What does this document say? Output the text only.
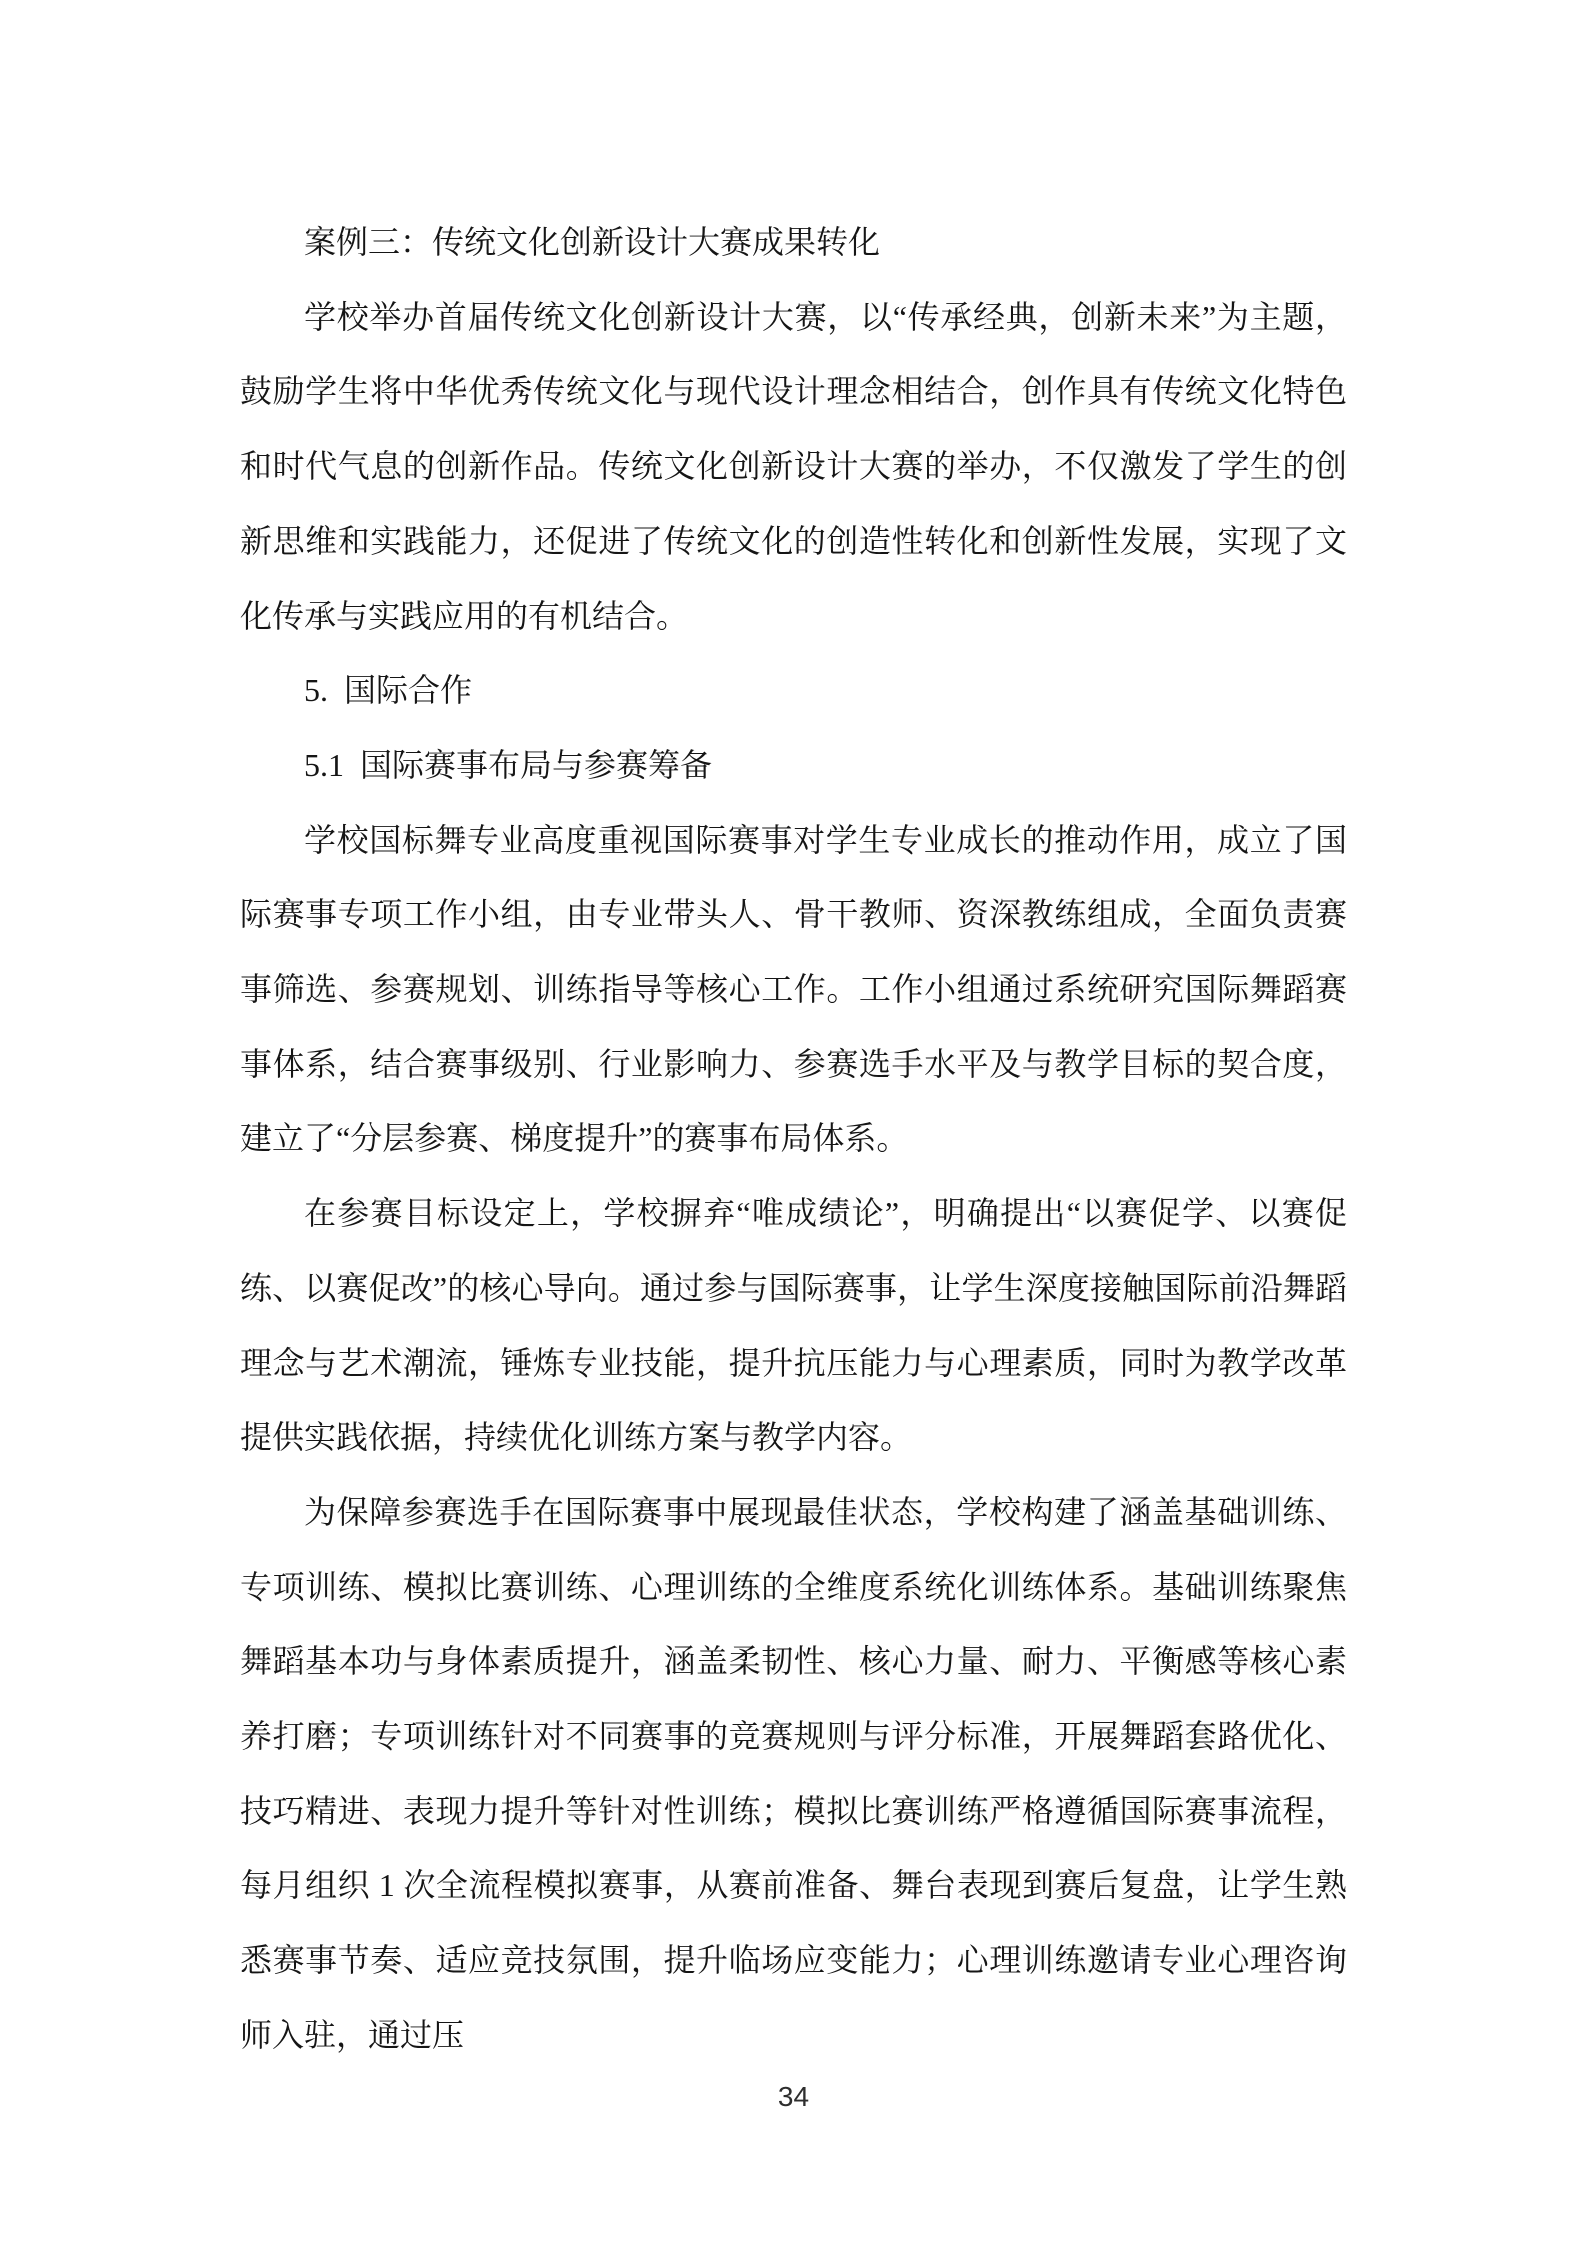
案例三：传统文化创新设计大赛成果转化

学校举办首届传统文化创新设计大赛，以“传承经典，创新未来”为主题，鼓励学生将中华优秀传统文化与现代设计理念相结合，创作具有传统文化特色和时代气息的创新作品。传统文化创新设计大赛的举办，不仅激发了学生的创新思维和实践能力，还促进了传统文化的创造性转化和创新性发展，实现了文化传承与实践应用的有机结合。

5. 国际合作

5.1 国际赛事布局与参赛筹备

学校国标舞专业高度重视国际赛事对学生专业成长的推动作用，成立了国际赛事专项工作小组，由专业带头人、骨干教师、资深教练组成，全面负责赛事筛选、参赛规划、训练指导等核心工作。工作小组通过系统研究国际舞蹈赛事体系，结合赛事级别、行业影响力、参赛选手水平及与教学目标的契合度，建立了“分层参赛、梯度提升”的赛事布局体系。

在参赛目标设定上，学校摒弃“唯成绩论”，明确提出“以赛促学、以赛促练、以赛促改”的核心导向。通过参与国际赛事，让学生深度接触国际前沿舞蹈理念与艺术潮流，锤炼专业技能，提升抗压能力与心理素质，同时为教学改革提供实践依据，持续优化训练方案与教学内容。

为保障参赛选手在国际赛事中展现最佳状态，学校构建了涵盖基础训练、专项训练、模拟比赛训练、心理训练的全维度系统化训练体系。基础训练聚焦舞蹈基本功与身体素质提升，涵盖柔韧性、核心力量、耐力、平衡感等核心素养打磨；专项训练针对不同赛事的竞赛规则与评分标准，开展舞蹈套路优化、技巧精进、表现力提升等针对性训练；模拟比赛训练严格遵循国际赛事流程，每月组织 1 次全流程模拟赛事，从赛前准备、舞台表现到赛后复盘，让学生熟悉赛事节奏、适应竞技氛围，提升临场应变能力；心理训练邀请专业心理咨询师入驻，通过压

34
